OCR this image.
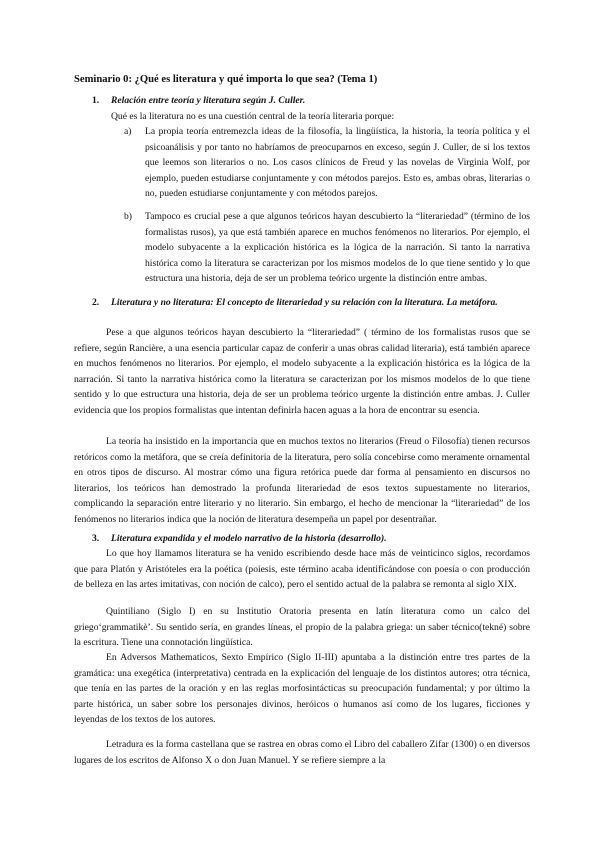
Seminario 0: ¿Qué es literatura y qué importa lo que sea? (Tema 1)
1. Relación entre teoría y literatura según J. Culler.

Qué es la literatura no es una cuestión central de la teoría literaria porque:

a) La propia teoría entremezcla ideas de la filosofía, la lingüística, la historia, la teoría política y el psicoanálisis y por tanto no habríamos de preocuparnos en exceso, según J. Culler, de si los textos que leemos son literarios o no. Los casos clínicos de Freud y las novelas de Virginia Wolf, por ejemplo, pueden estudiarse conjuntamente y con métodos parejos. Esto es, ambas obras, literarias o no, pueden estudiarse conjuntamente y con métodos parejos.
b) Tampoco es crucial pese a que algunos teóricos hayan descubierto la “literariedad” (término de los formalistas rusos), ya que está también aparece en muchos fenómenos no literarios. Por ejemplo, el modelo subyacente a la explicación histórica es la lógica de la narración. Si tanto la narrativa histórica como la literatura se caracterizan por los mismos modelos de lo que tiene sentido y lo que estructura una historia, deja de ser un problema teórico urgente la distinción entre ambas.
2. Literatura y no literatura: El concepto de literariedad y su relación con la literatura. La metáfora.

Pese a que algunos teóricos hayan descubierto la “literariedad” ( término de los formalistas rusos que se refiere, según Rancière, a una esencia particular capaz de conferir a unas obras calidad literaria), está también aparece en muchos fenómenos no literarios. Por ejemplo, el modelo subyacente a la explicación histórica es la lógica de la narración. Si tanto la narrativa histórica como la literatura se caracterizan por los mismos modelos de lo que tiene sentido y lo que estructura una historia, deja de ser un problema teórico urgente la distinción entre ambas. J. Culler evidencia que los propios formalistas que intentan definirla hacen aguas a la hora de encontrar su esencia.

La teoría ha insistido en la importancia que en muchos textos no literarios (Freud o Filosofía) tienen recursos retóricos como la metáfora, que se creía definitoria de la literatura, pero solía concebirse como meramente ornamental en otros tipos de discurso. Al mostrar cómo una figura retórica puede dar forma al pensamiento en discursos no literarios, los teóricos han demostrado la profunda literariedad de esos textos supuestamente no literarios, complicando la separación entre literario y no literario. Sin embargo, el hecho de mencionar la “literariedad” de los fenómenos no literarios indica que la noción de literatura desempeña un papel por desentrañar.

3. Literatura expandida y el modelo narrativo de la historia (desarrollo).

Lo que hoy llamamos literatura se ha venido escribiendo desde hace más de veinticinco siglos, recordamos que para Platón y Aristóteles era la poética (poíesis, este término acaba identificándose con poesía o con producción de belleza en las artes imitativas, con noción de calco), pero el sentido actual de la palabra se remonta al siglo XIX.

Quintiliano (Siglo I) en su Institutio Oratoria presenta en latín literatura como un calco del griego‘grammatikè’. Su sentido sería, en grandes líneas, el propio de la palabra griega: un saber técnico(tekné) sobre la escritura. Tiene una connotación lingüística.

En Adversos Mathematicos, Sexto Empírico (Siglo II-III) apuntaba a la distinción entre tres partes de la gramática: una exegética (interpretativa) centrada en la explicación del lenguaje de los distintos autores; otra técnica, que tenía en las partes de la oración y en las reglas morfosintácticas su preocupación fundamental; y por último la parte histórica, un saber sobre los personajes divinos, heróicos o humanos así como de los lugares, ficciones y leyendas de los textos de los autores.

Letradura es la forma castellana que se rastrea en obras como el Libro del caballero Zifar (1300) o en diversos lugares de los escritos de Alfonso X o don Juan Manuel. Y se refiere siempre a la
